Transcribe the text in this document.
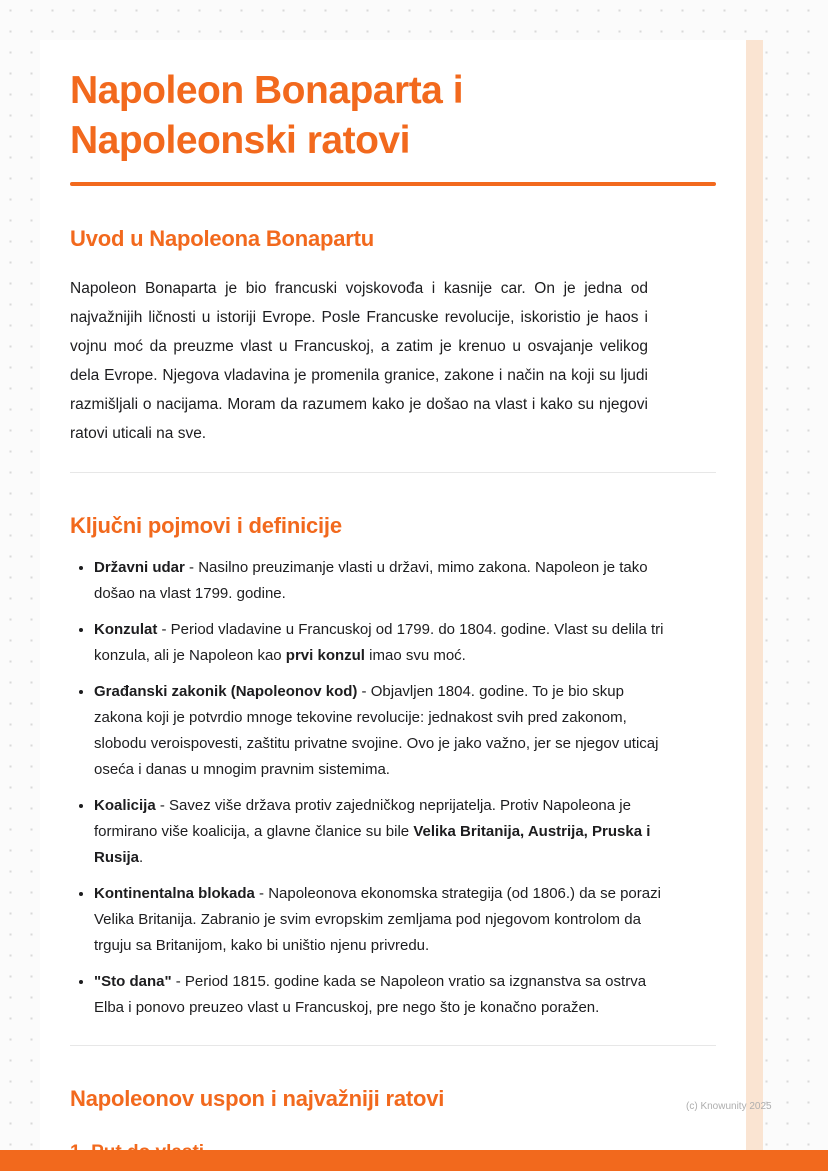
Napoleon Bonaparta i Napoleonski ratovi
Uvod u Napoleona Bonapartu

Napoleon Bonaparta je bio francuski vojskovođa i kasnije car. On je jedna od najvažnijih ličnosti u istoriji Evrope. Posle Francuske revolucije, iskoristio je haos i vojnu moć da preuzme vlast u Francuskoj, a zatim je krenuo u osvajanje velikog dela Evrope. Njegova vladavina je promenila granice, zakone i način na koji su ljudi razmišljali o nacijama. Moram da razumem kako je došao na vlast i kako su njegovi ratovi uticali na sve.

Ključni pojmovi i definicije
• Državni udar - Nasilno preuzimanje vlasti u državi, mimo zakona. Napoleon je tako došao na vlast 1799. godine.
• Konzulat - Period vladavine u Francuskoj od 1799. do 1804. godine. Vlast su delila tri konzula, ali je Napoleon kao prvi konzul imao svu moć.
• Građanski zakonik (Napoleonov kod) - Objavljen 1804. godine. To je bio skup zakona koji je potvrdio mnoge tekovine revolucije: jednakost svih pred zakonom, slobodu veroispovesti, zaštitu privatne svojine. Ovo je jako važno, jer se njegov uticaj oseća i danas u mnogim pravnim sistemima.
• Koalicija - Savez više država protiv zajedničkog neprijatelja. Protiv Napoleona je formirano više koalicija, a glavne članice su bile Velika Britanija, Austrija, Pruska i Rusija.
• Kontinentalna blokada - Napoleonova ekonomska strategija (od 1806.) da se porazi Velika Britanija. Zabranio je svim evropskim zemljama pod njegovom kontrolom da trguju sa Britanijom, kako bi uništio njenu privredu.
• "Sto dana" - Period 1815. godine kada se Napoleon vratio sa izgnanstva sa ostrva Elba i ponovo preuzeo vlast u Francuskoj, pre nego što je konačno poražen.
Napoleonov uspon i najvažniji ratovi	(c) Knowunity 2025
